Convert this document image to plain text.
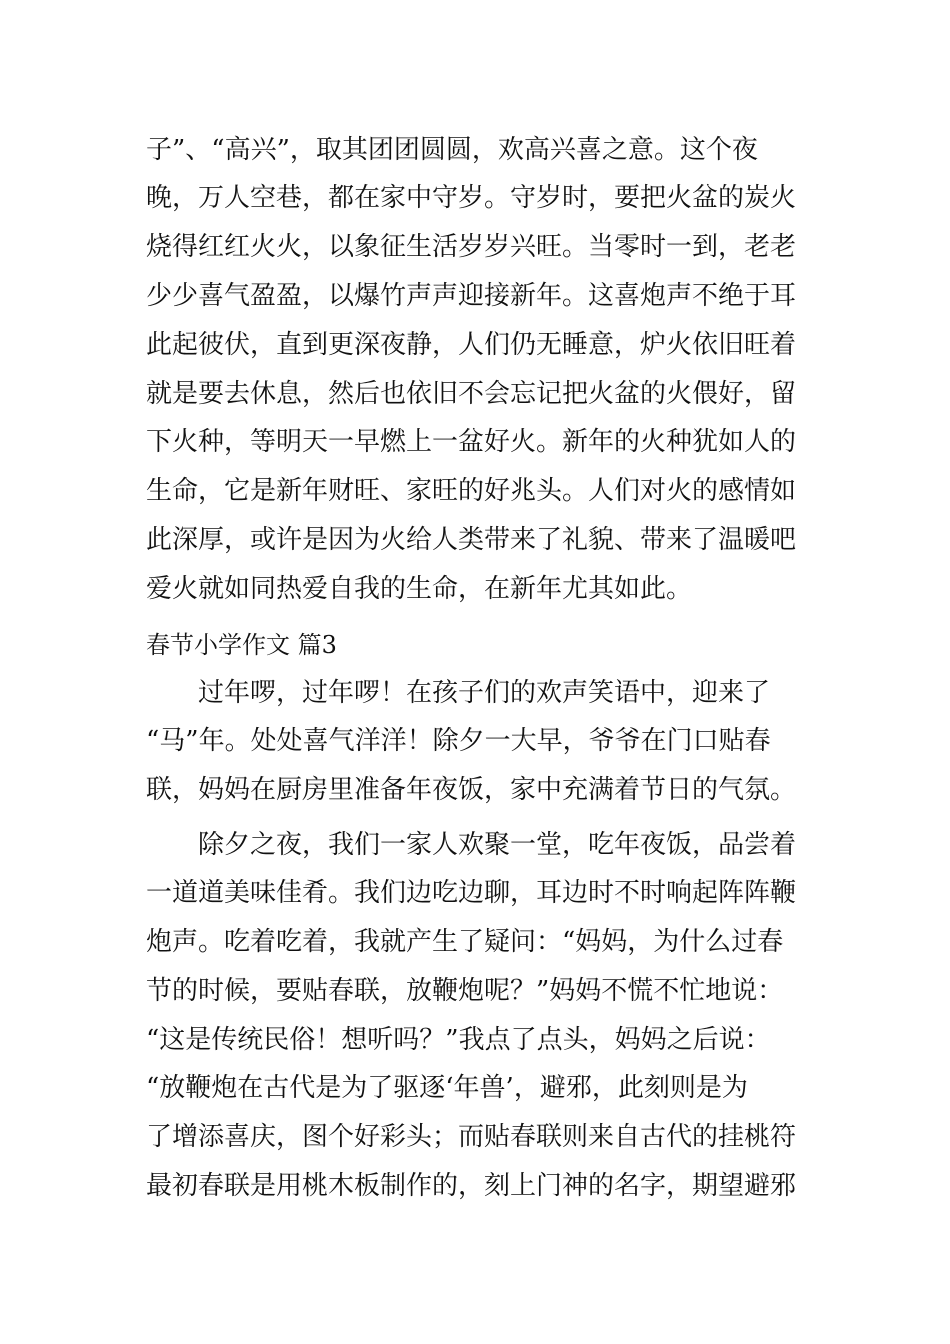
子”、“高兴”，取其团团圆圆，欢高兴喜之意。这个夜
晚，万人空巷，都在家中守岁。守岁时，要把火盆的炭火
烧得红红火火，以象征生活岁岁兴旺。当零时一到，老老
少少喜气盈盈，以爆竹声声迎接新年。这喜炮声不绝于耳
此起彼伏，直到更深夜静，人们仍无睡意，炉火依旧旺着
就是要去休息，然后也依旧不会忘记把火盆的火偎好，留
下火种，等明天一早燃上一盆好火。新年的火种犹如人的
生命，它是新年财旺、家旺的好兆头。人们对火的感情如
此深厚，或许是因为火给人类带来了礼貌、带来了温暖吧
爱火就如同热爱自我的生命，在新年尤其如此。
春节小学作文 篇3
过年啰，过年啰！在孩子们的欢声笑语中，迎来了
“马”年。处处喜气洋洋！除夕一大早，爷爷在门口贴春
联，妈妈在厨房里准备年夜饭，家中充满着节日的气氛。
除夕之夜，我们一家人欢聚一堂，吃年夜饭，品尝着
一道道美味佳肴。我们边吃边聊，耳边时不时响起阵阵鞭
炮声。吃着吃着，我就产生了疑问：“妈妈，为什么过春
节的时候，要贴春联，放鞭炮呢？”妈妈不慌不忙地说：
“这是传统民俗！想听吗？”我点了点头，妈妈之后说：
“放鞭炮在古代是为了驱逐‘年兽’，避邪，此刻则是为
了增添喜庆，图个好彩头；而贴春联则来自古代的挂桃符
最初春联是用桃木板制作的，刻上门神的名字，期望避邪
